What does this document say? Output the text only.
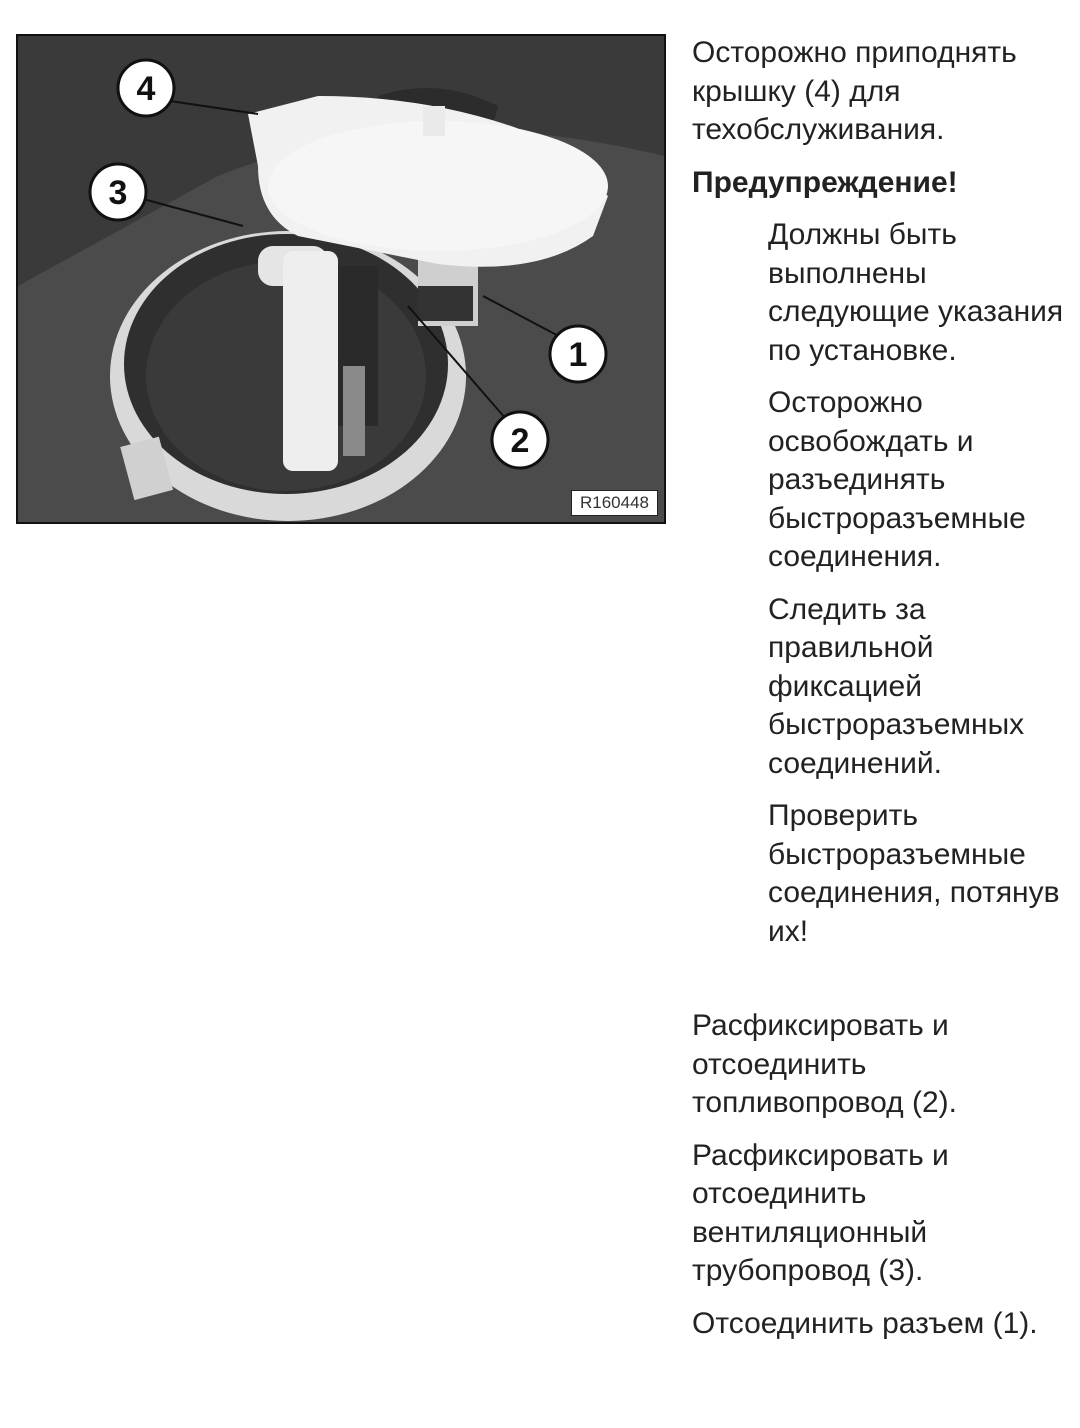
4
3
1
2
R160448

Осторожно приподнять крышку (4) для техобслуживания.

Предупреждение!

Должны быть выполнены следующие указания по установке.

Осторожно освобождать и разъединять быстроразъемные соединения.

Следить за правильной фиксацией быстроразъемных соединений.

Проверить быстроразъемные соединения, потянув их!

Расфиксировать и отсоединить топливопровод (2).

Расфиксировать и отсоединить вентиляционный трубопровод (3).

Отсоединить разъем (1).
